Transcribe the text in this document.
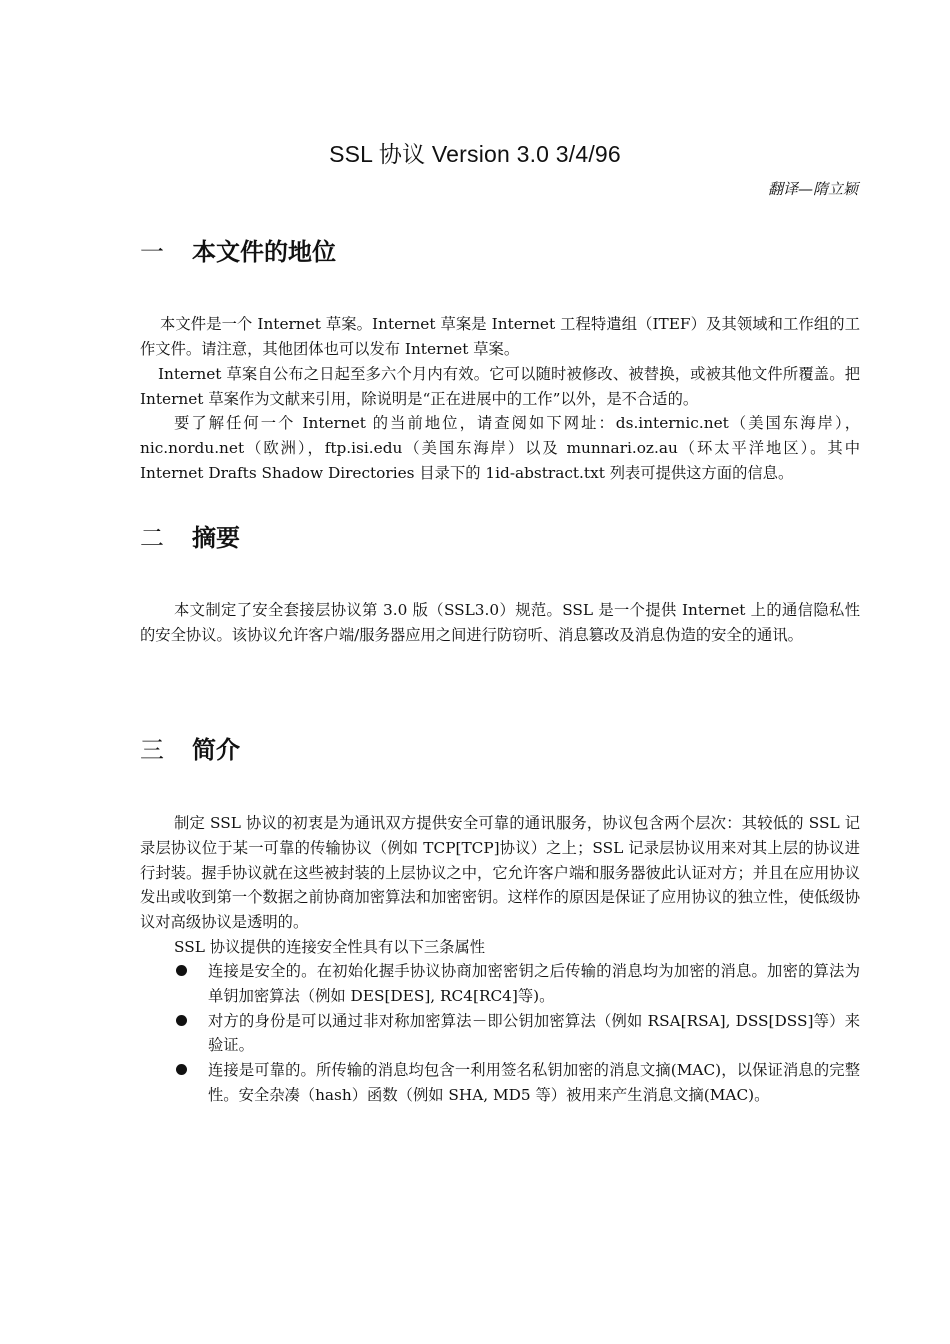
SSL 协议 Version 3.0 3/4/96
翻译—隋立颖
一 本文件的地位

本文件是一个 Internet 草案。Internet 草案是 Internet 工程特遣组（ITEF）及其领域和工作组的工作文件。请注意，其他团体也可以发布 Internet 草案。

Internet 草案自公布之日起至多六个月内有效。它可以随时被修改、被替换，或被其他文件所覆盖。把 Internet 草案作为文献来引用，除说明是“正在进展中的工作”以外，是不合适的。

要了解任何一个 Internet 的当前地位，请查阅如下网址：ds.internic.net（美国东海岸），nic.nordu.net（欧洲），ftp.isi.edu（美国东海岸）以及 munnari.oz.au（环太平洋地区）。其中 Internet Drafts Shadow Directories 目录下的 1id-abstract.txt 列表可提供这方面的信息。

二 摘要

本文制定了安全套接层协议第 3.0 版（SSL3.0）规范。SSL 是一个提供 Internet 上的通信隐私性的安全协议。该协议允许客户端/服务器应用之间进行防窃听、消息篡改及消息伪造的安全的通讯。

三 简介

制定 SSL 协议的初衷是为通讯双方提供安全可靠的通讯服务，协议包含两个层次：其较低的 SSL 记录层协议位于某一可靠的传输协议（例如 TCP[TCP]协议）之上；SSL 记录层协议用来对其上层的协议进行封装。握手协议就在这些被封装的上层协议之中，它允许客户端和服务器彼此认证对方；并且在应用协议发出或收到第一个数据之前协商加密算法和加密密钥。这样作的原因是保证了应用协议的独立性，使低级协议对高级协议是透明的。

SSL 协议提供的连接安全性具有以下三条属性

连接是安全的。在初始化握手协议协商加密密钥之后传输的消息均为加密的消息。加密的算法为单钥加密算法（例如 DES[DES], RC4[RC4]等)。
对方的身份是可以通过非对称加密算法－即公钥加密算法（例如 RSA[RSA], DSS[DSS]等）来验证。
连接是可靠的。所传输的消息均包含一利用签名私钥加密的消息文摘(MAC)，以保证消息的完整性。安全杂凑（hash）函数（例如 SHA, MD5 等）被用来产生消息文摘(MAC)。
